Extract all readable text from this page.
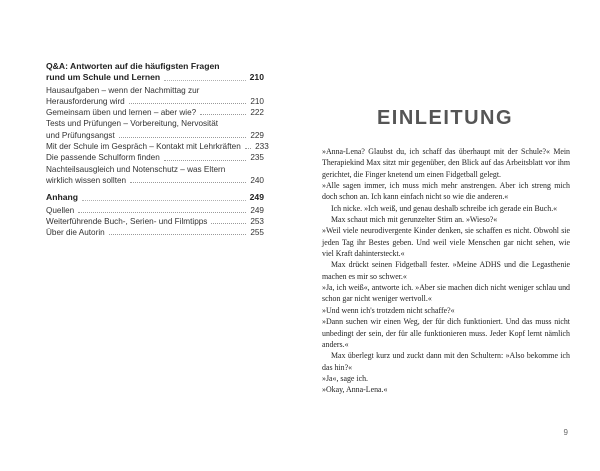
Q&A: Antworten auf die häufigsten Fragen
rund um Schule und Lernen	210
Hausaufgaben – wenn der Nachmittag zur
Herausforderung wird	210
Gemeinsam üben und lernen – aber wie?	222
Tests und Prüfungen – Vorbereitung, Nervosität
und Prüfungsangst	229
Mit der Schule im Gespräch – Kontakt mit Lehrkräften 233
Die passende Schulform finden	235
Nachteilsausgleich und Notenschutz – was Eltern
wirklich wissen sollten	240
Anhang	249
Quellen	249
Weiterführende Buch-, Serien- und Filmtipps	253
Über die Autorin	255
EINLEITUNG

»Anna-Lena? Glaubst du, ich schaff das überhaupt mit der Schule?« Mein Therapiekind Max sitzt mir gegenüber, den Blick auf das Arbeitsblatt vor ihm gerichtet, die Finger knetend um einen Fidgetball gelegt.

»Alle sagen immer, ich muss mich mehr anstrengen. Aber ich streng mich doch schon an. Ich kann einfach nicht so wie die anderen.«

Ich nicke. »Ich weiß, und genau deshalb schreibe ich gerade ein Buch.«

Max schaut mich mit gerunzelter Stirn an. »Wieso?«

»Weil viele neurodivergente Kinder denken, sie schaffen es nicht. Obwohl sie jeden Tag ihr Bestes geben. Und weil viele Menschen gar nicht sehen, wie viel Kraft dahintersteckt.«

Max drückt seinen Fidgetball fester. »Meine ADHS und die Legasthenie machen es mir so schwer.«

»Ja, ich weiß«, antworte ich. »Aber sie machen dich nicht weniger schlau und schon gar nicht weniger wertvoll.«

»Und wenn ich's trotzdem nicht schaffe?«

»Dann suchen wir einen Weg, der für dich funktioniert. Und das muss nicht unbedingt der sein, der für alle funktionieren muss. Jeder Kopf lernt nämlich anders.«

Max überlegt kurz und zuckt dann mit den Schultern: »Also bekomme ich das hin?«

»Ja«, sage ich.

»Okay, Anna-Lena.«

9
